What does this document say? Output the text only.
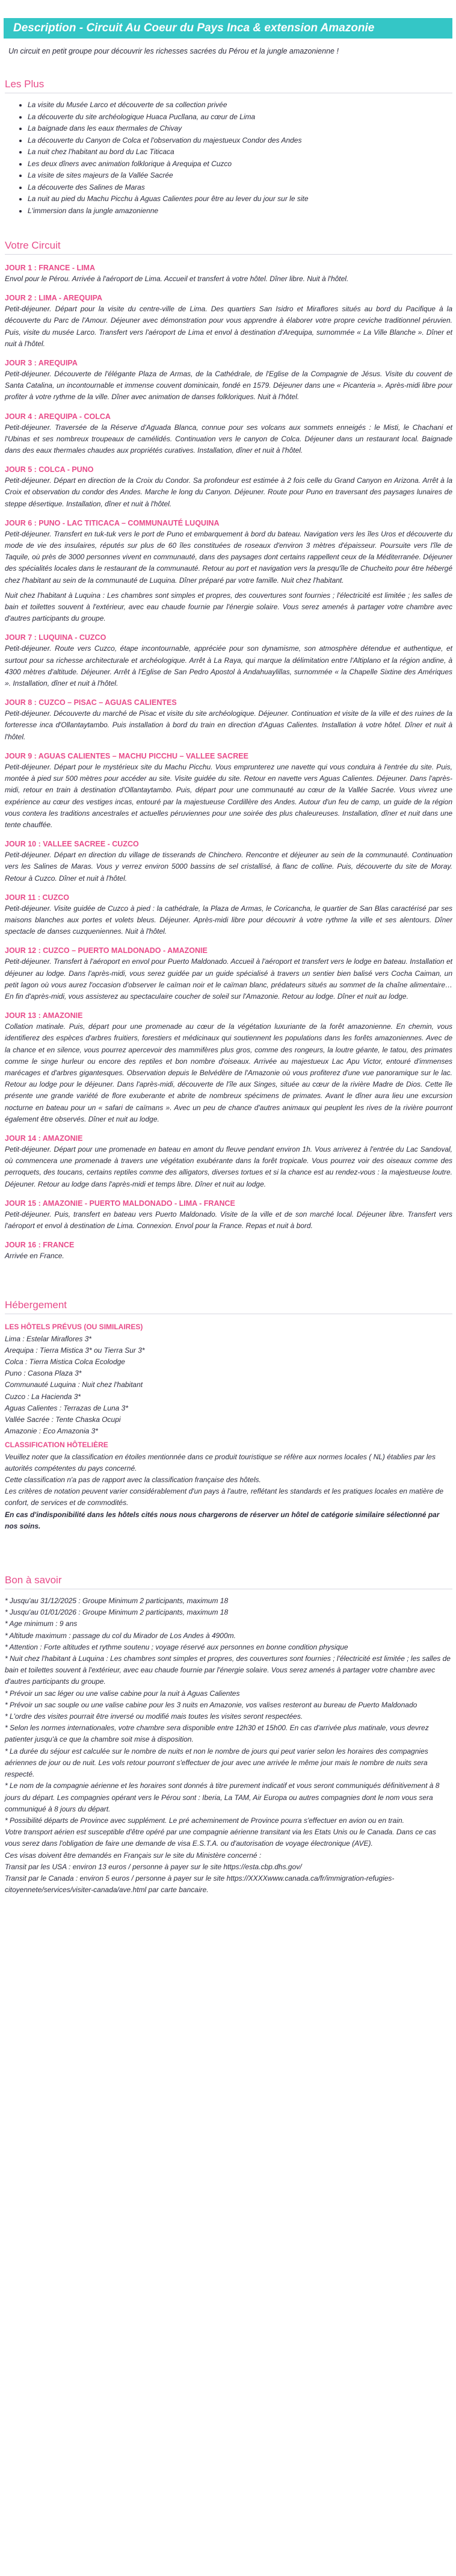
Description - Circuit Au Coeur du Pays Inca & extension Amazonie

Un circuit en petit groupe pour découvrir les richesses sacrées du Pérou et la jungle amazonienne !

Les Plus
• La visite du Musée Larco et découverte de sa collection privée
• La découverte du site archéologique Huaca Pucllana, au cœur de Lima
• La baignade dans les eaux thermales de Chivay
• La découverte du Canyon de Colca et l'observation du majestueux Condor des Andes
• La nuit chez l'habitant au bord du Lac Titicaca
• Les deux dîners avec animation folklorique à Arequipa et Cuzco
• La visite de sites majeurs de la Vallée Sacrée
• La découverte des Salines de Maras
• La nuit au pied du Machu Picchu à Aguas Calientes pour être au lever du jour sur le site
• L'immersion dans la jungle amazonienne
Votre Circuit
JOUR 1 : FRANCE - LIMA

Envol pour le Pérou. Arrivée à l'aéroport de Lima. Accueil et transfert à votre hôtel. Dîner libre. Nuit à l'hôtel.

JOUR 2 : LIMA - AREQUIPA

Petit-déjeuner. Départ pour la visite du centre-ville de Lima. Des quartiers San Isidro et Miraflores situés au bord du Pacifique à la découverte du Parc de l'Amour. Déjeuner avec démonstration pour vous apprendre à élaborer votre propre ceviche traditionnel péruvien. Puis, visite du musée Larco. Transfert vers l'aéroport de Lima et envol à destination d'Arequipa, surnommée « La Ville Blanche ». Dîner et nuit à l'hôtel.

JOUR 3 : AREQUIPA

Petit-déjeuner. Découverte de l'élégante Plaza de Armas, de la Cathédrale, de l'Eglise de la Compagnie de Jésus. Visite du couvent de Santa Catalina, un incontournable et immense couvent dominicain, fondé en 1579. Déjeuner dans une « Picanteria ». Après-midi libre pour profiter à votre rythme de la ville. Dîner avec animation de danses folkloriques. Nuit à l'hôtel.

JOUR 4 : AREQUIPA - COLCA

Petit-déjeuner. Traversée de la Réserve d'Aguada Blanca, connue pour ses volcans aux sommets enneigés : le Misti, le Chachani et l'Ubinas et ses nombreux troupeaux de camélidés. Continuation vers le canyon de Colca. Déjeuner dans un restaurant local. Baignade dans des eaux thermales chaudes aux propriétés curatives. Installation, dîner et nuit à l'hôtel.

JOUR 5 : COLCA - PUNO

Petit-déjeuner. Départ en direction de la Croix du Condor. Sa profondeur est estimée à 2 fois celle du Grand Canyon en Arizona. Arrêt à la Croix et observation du condor des Andes. Marche le long du Canyon. Déjeuner. Route pour Puno en traversant des paysages lunaires de steppe désertique. Installation, dîner et nuit à l'hôtel.

JOUR 6 : PUNO - LAC TITICACA – COMMUNAUTÉ LUQUINA

Petit-déjeuner. Transfert en tuk-tuk vers le port de Puno et embarquement à bord du bateau. Navigation vers les îles Uros et découverte du mode de vie des insulaires, réputés sur plus de 60 îles constituées de roseaux d'environ 3 mètres d'épaisseur. Poursuite vers l'île de Taquile, où près de 3000 personnes vivent en communauté, dans des paysages dont certains rappellent ceux de la Méditerranée. Déjeuner des spécialités locales dans le restaurant de la communauté. Retour au port et navigation vers la presqu'île de Chucheito pour être hébergé chez l'habitant au sein de la communauté de Luquina. Dîner préparé par votre famille. Nuit chez l'habitant.

Nuit chez l'habitant à Luquina : Les chambres sont simples et propres, des couvertures sont fournies ; l'électricité est limitée ; les salles de bain et toilettes souvent à l'extérieur, avec eau chaude fournie par l'énergie solaire. Vous serez amenés à partager votre chambre avec d'autres participants du groupe.

JOUR 7 : LUQUINA - CUZCO

Petit-déjeuner. Route vers Cuzco, étape incontournable, appréciée pour son dynamisme, son atmosphère détendue et authentique, et surtout pour sa richesse architecturale et archéologique. Arrêt à La Raya, qui marque la délimitation entre l'Altiplano et la région andine, à 4300 mètres d'altitude. Déjeuner. Arrêt à l'Eglise de San Pedro Apostol à Andahuaylillas, surnommée « la Chapelle Sixtine des Amériques ». Installation, dîner et nuit à l'hôtel.

JOUR 8 : CUZCO – PISAC – AGUAS CALIENTES

Petit-déjeuner. Découverte du marché de Pisac et visite du site archéologique. Déjeuner. Continuation et visite de la ville et des ruines de la forteresse inca d'Ollantaytambo. Puis installation à bord du train en direction d'Aguas Calientes. Installation à votre hôtel. Dîner et nuit à l'hôtel.

JOUR 9 : AGUAS CALIENTES – MACHU PICCHU – VALLEE SACREE

Petit-déjeuner. Départ pour le mystérieux site du Machu Picchu. Vous emprunterez une navette qui vous conduira à l'entrée du site. Puis, montée à pied sur 500 mètres pour accéder au site. Visite guidée du site. Retour en navette vers Aguas Calientes. Déjeuner. Dans l'après-midi, retour en train à destination d'Ollantaytambo. Puis, départ pour une communauté au cœur de la Vallée Sacrée. Vous vivrez une expérience au cœur des vestiges incas, entouré par la majestueuse Cordillère des Andes. Autour d'un feu de camp, un guide de la région vous contera les traditions ancestrales et actuelles péruviennes pour une soirée des plus chaleureuses. Installation, dîner et nuit dans une tente chauffée.

JOUR 10 : VALLEE SACREE - CUZCO

Petit-déjeuner. Départ en direction du village de tisserands de Chinchero. Rencontre et déjeuner au sein de la communauté. Continuation vers les Salines de Maras. Vous y verrez environ 5000 bassins de sel cristallisé, à flanc de colline. Puis, découverte du site de Moray. Retour à Cuzco. Dîner et nuit à l'hôtel.

JOUR 11 : CUZCO

Petit-déjeuner. Visite guidée de Cuzco à pied : la cathédrale, la Plaza de Armas, le Coricancha, le quartier de San Blas caractérisé par ses maisons blanches aux portes et volets bleus. Déjeuner. Après-midi libre pour découvrir à votre rythme la ville et ses alentours. Dîner spectacle de danses cuzqueniennes. Nuit à l'hôtel.

JOUR 12 : CUZCO – PUERTO MALDONADO - AMAZONIE

Petit-déjeuner. Transfert à l'aéroport en envol pour Puerto Maldonado. Accueil à l'aéroport et transfert vers le lodge en bateau. Installation et déjeuner au lodge. Dans l'après-midi, vous serez guidée par un guide spécialisé à travers un sentier bien balisé vers Cocha Caiman, un petit lagon où vous aurez l'occasion d'observer le caïman noir et le caïman blanc, prédateurs situés au sommet de la chaîne alimentaire… En fin d'après-midi, vous assisterez au spectaculaire coucher de soleil sur l'Amazonie. Retour au lodge. Dîner et nuit au lodge.

JOUR 13 : AMAZONIE

Collation matinale. Puis, départ pour une promenade au cœur de la végétation luxuriante de la forêt amazonienne. En chemin, vous identifierez des espèces d'arbres fruitiers, forestiers et médicinaux qui soutiennent les populations dans les forêts amazoniennes. Avec de la chance et en silence, vous pourrez apercevoir des mammifères plus gros, comme des rongeurs, la loutre géante, le tatou, des primates comme le singe hurleur ou encore des reptiles et bon nombre d'oiseaux. Arrivée au majestueux Lac Apu Victor, entouré d'immenses marécages et d'arbres gigantesques. Observation depuis le Belvédère de l'Amazonie où vous profiterez d'une vue panoramique sur le lac. Retour au lodge pour le déjeuner. Dans l'après-midi, découverte de l'île aux Singes, située au cœur de la rivière Madre de Dios. Cette île présente une grande variété de flore exuberante et abrite de nombreux spécimens de primates. Avant le dîner aura lieu une excursion nocturne en bateau pour un « safari de caïmans ». Avec un peu de chance d'autres animaux qui peuplent les rives de la rivière pourront également être observés. Dîner et nuit au lodge.

JOUR 14 : AMAZONIE

Petit-déjeuner. Départ pour une promenade en bateau en amont du fleuve pendant environ 1h. Vous arriverez à l'entrée du Lac Sandoval, où commencera une promenade à travers une végétation exubérante dans la forêt tropicale. Vous pourrez voir des oiseaux comme des perroquets, des toucans, certains reptiles comme des alligators, diverses tortues et si la chance est au rendez-vous : la majestueuse loutre. Déjeuner. Retour au lodge dans l'après-midi et temps libre. Dîner et nuit au lodge.

JOUR 15 : AMAZONIE - PUERTO MALDONADO - LIMA - FRANCE

Petit-déjeuner. Puis, transfert en bateau vers Puerto Maldonado. Visite de la ville et de son marché local. Déjeuner libre. Transfert vers l'aéroport et envol à destination de Lima. Connexion. Envol pour la France. Repas et nuit à bord.

JOUR 16 : FRANCE

Arrivée en France.

Hébergement
LES HÔTELS PRÉVUS (OU SIMILAIRES)
Lima : Estelar Miraflores 3*
Arequipa : Tierra Mistica 3* ou Tierra Sur 3*
Colca : Tierra Mistica Colca Ecolodge
Puno : Casona Plaza 3*
Communauté Luquina : Nuit chez l'habitant
Cuzco : La Hacienda 3*
Aguas Calientes : Terrazas de Luna 3*
Vallée Sacrée : Tente Chaska Ocupi
Amazonie : Eco Amazonia 3*
CLASSIFICATION HÔTELIÈRE
Veuillez noter que la classification en étoiles mentionnée dans ce produit touristique se réfère aux normes locales ( NL) établies par les autorités compétentes du pays concerné.
Cette classification n'a pas de rapport avec la classification française des hôtels.
Les critères de notation peuvent varier considérablement d'un pays à l'autre, reflétant les standards et les pratiques locales en matière de confort, de services et de commodités.
En cas d'indisponibilité dans les hôtels cités nous nous chargerons de réserver un hôtel de catégorie similaire sélectionné par nos soins.
Bon à savoir
* Jusqu'au 31/12/2025 : Groupe Minimum 2 participants, maximum 18
* Jusqu'au 01/01/2026 : Groupe Minimum 2 participants, maximum 18
* Age minimum : 9 ans
* Altitude maximum : passage du col du Mirador de Los Andes à 4900m.
* Attention : Forte altitudes et rythme soutenu ; voyage réservé aux personnes en bonne condition physique
* Nuit chez l'habitant à Luquina : Les chambres sont simples et propres, des couvertures sont fournies ; l'électricité est limitée ; les salles de bain et toilettes souvent à l'extérieur, avec eau chaude fournie par l'énergie solaire. Vous serez amenés à partager votre chambre avec d'autres participants du groupe.
* Prévoir un sac léger ou une valise cabine pour la nuit à Aguas Calientes
* Prévoir un sac souple ou une valise cabine pour les 3 nuits en Amazonie, vos valises resteront au bureau de Puerto Maldonado
* L'ordre des visites pourrait être inversé ou modifié mais toutes les visites seront respectées.
* Selon les normes internationales, votre chambre sera disponible entre 12h30 et 15h00. En cas d'arrivée plus matinale, vous devrez patienter jusqu'à ce que la chambre soit mise à disposition.
* La durée du séjour est calculée sur le nombre de nuits et non le nombre de jours qui peut varier selon les horaires des compagnies aériennes de jour ou de nuit. Les vols retour pourront s'effectuer de jour avec une arrivée le même jour mais le nombre de nuits sera respecté.
* Le nom de la compagnie aérienne et les horaires sont donnés à titre purement indicatif et vous seront communiqués définitivement à 8 jours du départ. Les compagnies opérant vers le Pérou sont : Iberia, La TAM, Air Europa ou autres compagnies dont le nom vous sera communiqué à 8 jours du départ.
* Possibilité départs de Province avec supplément. Le pré acheminement de Province pourra s'effectuer en avion ou en train.
Votre transport aérien est susceptible d'être opéré par une compagnie aérienne transitant via les Etats Unis ou le Canada. Dans ce cas vous serez dans l'obligation de faire une demande de visa E.S.T.A. ou d'autorisation de voyage électronique (AVE).
Ces visas doivent être demandés en Français sur le site du Ministère concerné :
Transit par les USA : environ 13 euros / personne à payer sur le site https://esta.cbp.dhs.gov/
Transit par le Canada : environ 5 euros / personne à payer sur le site https://XXXXwww.canada.ca/fr/immigration-refugies-citoyennete/services/visiter-canada/ave.html par carte bancaire.
